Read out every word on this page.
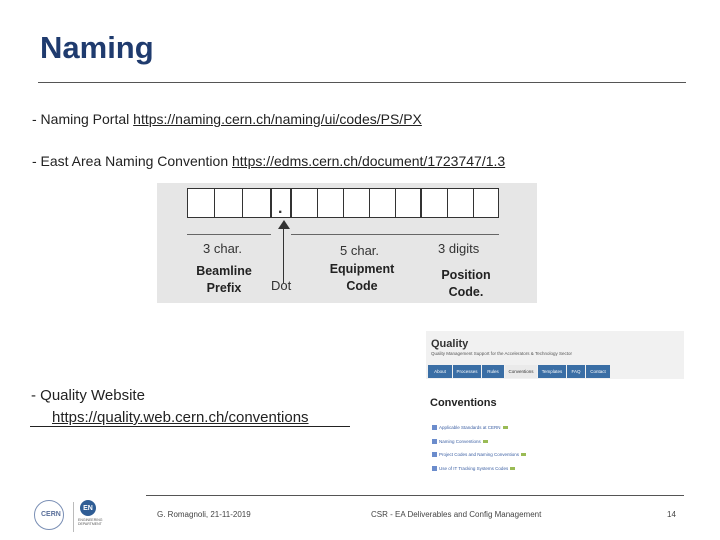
Naming
- Naming Portal https://naming.cern.ch/naming/ui/codes/PS/PX
- East Area Naming Convention https://edms.cern.ch/document/1723747/1.3
.
3 char.	5 char.	3 digits
Beamline
Prefix	Dot
Equipment
Code
Position
Code.
- Quality Website
https://quality.web.cern.ch/conventions
Quality
Quality Management Support for the Accelerators & Technology Sector
About	Processes	Rules	Conventions	Templates	FAQ	Contact
Conventions
Applicable Standards at CERN
Naming Conventions
Project Codes and Naming Conventions
Use of IT Tracking Systems Codes
CERN
EN
ENGINEERING DEPARTMENT
G. Romagnoli, 21-11-2019	CSR - EA Deliverables and Config Management	14
